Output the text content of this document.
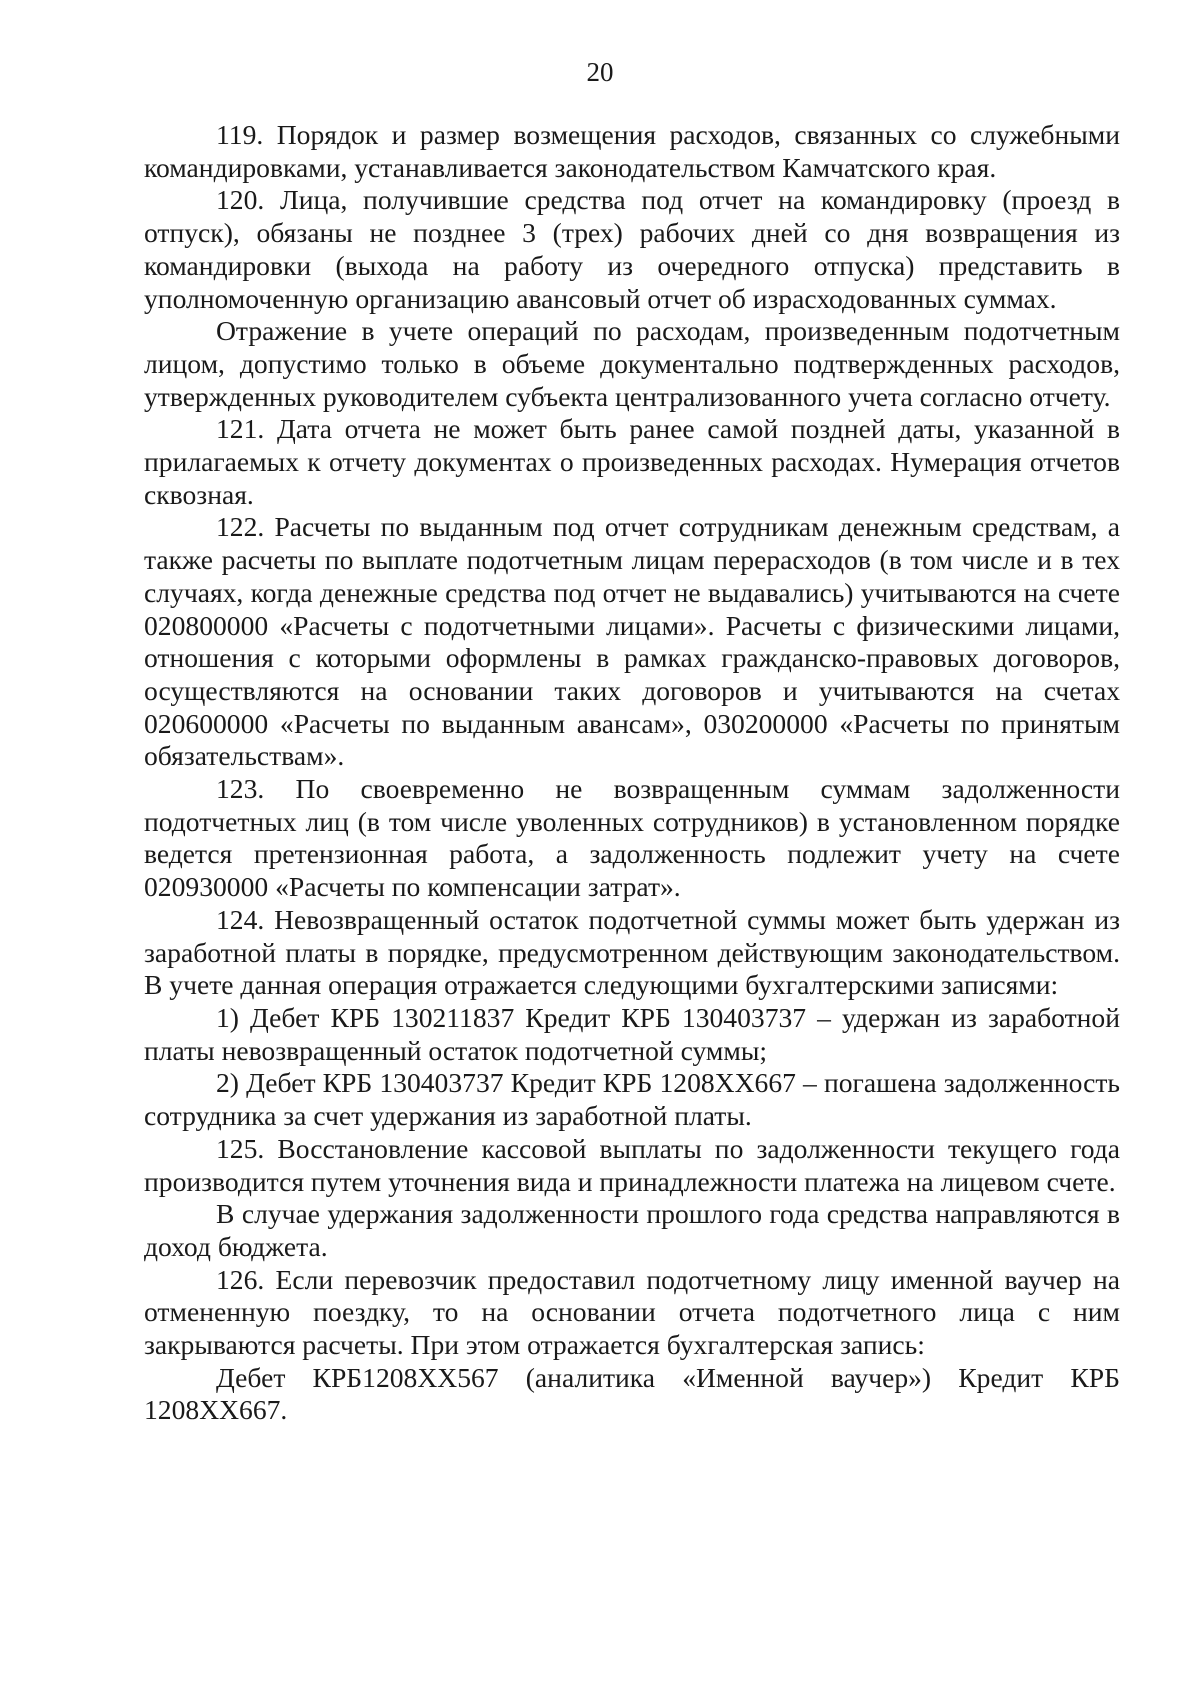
20

119. Порядок и размер возмещения расходов, связанных со служебными командировками, устанавливается законодательством Камчатского края.

120. Лица, получившие средства под отчет на командировку (проезд в отпуск), обязаны не позднее 3 (трех) рабочих дней со дня возвращения из командировки (выхода на работу из очередного отпуска) представить в уполномоченную организацию авансовый отчет об израсходованных суммах.

Отражение в учете операций по расходам, произведенным подотчетным лицом, допустимо только в объеме документально подтвержденных расходов, утвержденных руководителем субъекта централизованного учета согласно отчету.

121. Дата отчета не может быть ранее самой поздней даты, указанной в прилагаемых к отчету документах о произведенных расходах. Нумерация отчетов сквозная.

122. Расчеты по выданным под отчет сотрудникам денежным средствам, а также расчеты по выплате подотчетным лицам перерасходов (в том числе и в тех случаях, когда денежные средства под отчет не выдавались) учитываются на счете 020800000 «Расчеты с подотчетными лицами». Расчеты с физическими лицами, отношения с которыми оформлены в рамках гражданско-правовых договоров, осуществляются на основании таких договоров и учитываются на счетах 020600000 «Расчеты по выданным авансам», 030200000 «Расчеты по принятым обязательствам».

123. По своевременно не возвращенным суммам задолженности подотчетных лиц (в том числе уволенных сотрудников) в установленном порядке ведется претензионная работа, а задолженность подлежит учету на счете 020930000 «Расчеты по компенсации затрат».

124. Невозвращенный остаток подотчетной суммы может быть удержан из заработной платы в порядке, предусмотренном действующим законодательством. В учете данная операция отражается следующими бухгалтерскими записями:

1) Дебет КРБ 130211837 Кредит КРБ 130403737 – удержан из заработной платы невозвращенный остаток подотчетной суммы;

2) Дебет КРБ 130403737 Кредит КРБ 1208ХХ667 – погашена задолженность сотрудника за счет удержания из заработной платы.

125. Восстановление кассовой выплаты по задолженности текущего года производится путем уточнения вида и принадлежности платежа на лицевом счете.

В случае удержания задолженности прошлого года средства направляются в доход бюджета.

126. Если перевозчик предоставил подотчетному лицу именной ваучер на отмененную поездку, то на основании отчета подотчетного лица с ним закрываются расчеты. При этом отражается бухгалтерская запись:

Дебет КРБ1208ХХ567 (аналитика «Именной ваучер») Кредит КРБ 1208ХХ667.
